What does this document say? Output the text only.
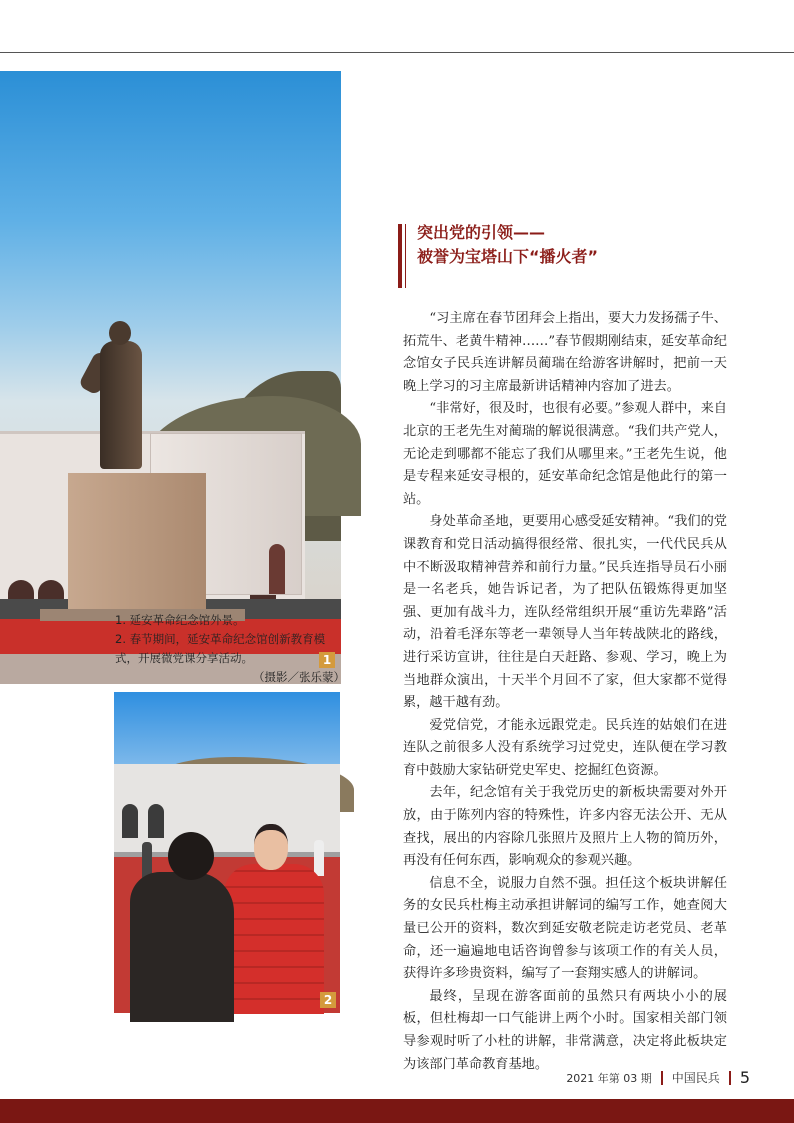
1

1. 延安革命纪念馆外景。

2. 春节期间，延安革命纪念馆创新教育模式，开展微党课分享活动。

（摄影／张乐蒙）

2
突出党的引领——
被誉为宝塔山下“播火者”

“习主席在春节团拜会上指出，要大力发扬孺子牛、拓荒牛、老黄牛精神……”春节假期刚结束，延安革命纪念馆女子民兵连讲解员蔺瑞在给游客讲解时，把前一天晚上学习的习主席最新讲话精神内容加了进去。

“非常好，很及时，也很有必要。”参观人群中，来自北京的王老先生对蔺瑞的解说很满意。“我们共产党人，无论走到哪都不能忘了我们从哪里来。”王老先生说，他是专程来延安寻根的，延安革命纪念馆是他此行的第一站。

身处革命圣地，更要用心感受延安精神。“我们的党课教育和党日活动搞得很经常、很扎实，一代代民兵从中不断汲取精神营养和前行力量。”民兵连指导员石小丽是一名老兵，她告诉记者，为了把队伍锻炼得更加坚强、更加有战斗力，连队经常组织开展“重访先辈路”活动，沿着毛泽东等老一辈领导人当年转战陕北的路线，进行采访宣讲，往往是白天赶路、参观、学习，晚上为当地群众演出，十天半个月回不了家，但大家都不觉得累，越干越有劲。

爱党信党，才能永远跟党走。民兵连的姑娘们在进连队之前很多人没有系统学习过党史，连队便在学习教育中鼓励大家钻研党史军史、挖掘红色资源。

去年，纪念馆有关于我党历史的新板块需要对外开放，由于陈列内容的特殊性，许多内容无法公开、无从查找，展出的内容除几张照片及照片上人物的简历外，再没有任何东西，影响观众的参观兴趣。

信息不全，说服力自然不强。担任这个板块讲解任务的女民兵杜梅主动承担讲解词的编写工作，她查阅大量已公开的资料，数次到延安敬老院走访老党员、老革命，还一遍遍地电话咨询曾参与该项工作的有关人员，获得许多珍贵资料，编写了一套翔实感人的讲解词。

最终，呈现在游客面前的虽然只有两块小小的展板，但杜梅却一口气能讲上两个小时。国家相关部门领导参观时听了小杜的讲解，非常满意，决定将此板块定为该部门革命教育基地。

2021 年第 03 期 中国民兵 5
